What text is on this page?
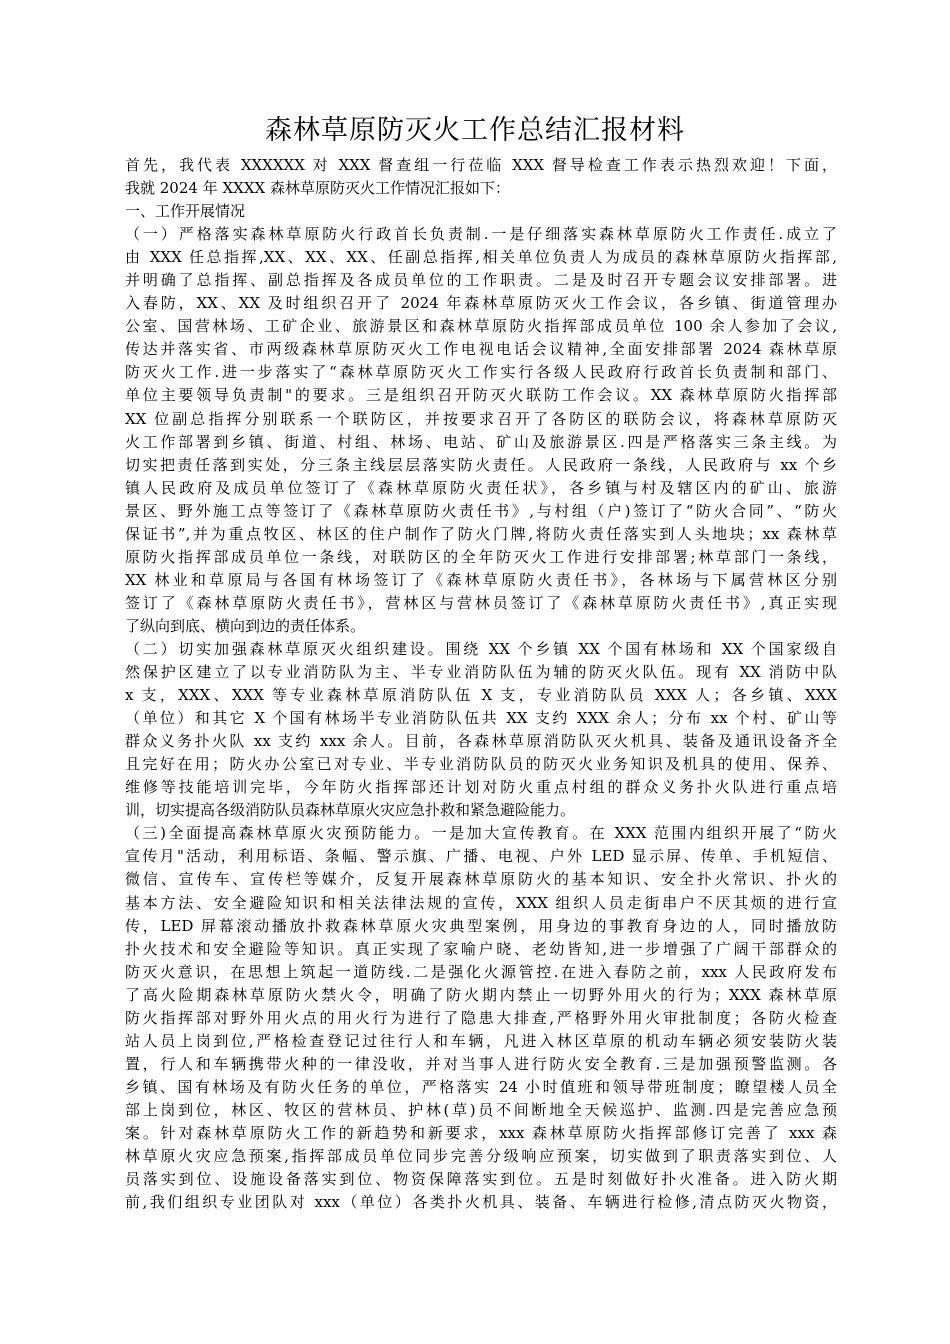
森林草原防灭火工作总结汇报材料
首先，我代表 XXXXXX 对 XXX 督查组一行莅临 XXX 督导检查工作表示热烈欢迎！下面，
我就 2024 年 XXXX 森林草原防灭火工作情况汇报如下：
一、工作开展情况
（一）严格落实森林草原防火行政首长负责制.一是仔细落实森林草原防火工作责任.成立了
由 XXX 任总指挥,XX、XX、XX、任副总指挥,相关单位负责人为成员的森林草原防火指挥部,
并明确了总指挥、副总指挥及各成员单位的工作职责。二是及时召开专题会议安排部署。进
入春防，XX、XX 及时组织召开了 2024 年森林草原防灭火工作会议，各乡镇、街道管理办
公室、国营林场、工矿企业、旅游景区和森林草原防火指挥部成员单位 100 余人参加了会议,
传达并落实省、市两级森林草原防灭火工作电视电话会议精神,全面安排部署 2024 森林草原
防灭火工作.进一步落实了“森林草原防灭火工作实行各级人民政府行政首长负责制和部门、
单位主要领导负责制"的要求。三是组织召开防灭火联防工作会议。XX 森林草原防火指挥部
XX 位副总指挥分别联系一个联防区，并按要求召开了各防区的联防会议，将森林草原防灭
火工作部署到乡镇、街道、村组、林场、电站、矿山及旅游景区.四是严格落实三条主线。为
切实把责任落到实处，分三条主线层层落实防火责任。人民政府一条线，人民政府与 xx 个乡
镇人民政府及成员单位签订了《森林草原防火责任状》，各乡镇与村及辖区内的矿山、旅游
景区、野外施工点等签订了《森林草原防火责任书》,与村组（户)签订了“防火合同”、“防火
保证书”,并为重点牧区、林区的住户制作了防火门牌,将防火责任落实到人头地块；xx 森林草
原防火指挥部成员单位一条线，对联防区的全年防灭火工作进行安排部署;林草部门一条线，
XX 林业和草原局与各国有林场签订了《森林草原防火责任书》，各林场与下属营林区分别
签订了《森林草原防火责任书》，营林区与营林员签订了《森林草原防火责任书》,真正实现
了纵向到底、横向到边的责任体系。
（二）切实加强森林草原灭火组织建设。围绕 XX 个乡镇 XX 个国有林场和 XX 个国家级自
然保护区建立了以专业消防队为主、半专业消防队伍为辅的防灭火队伍。现有 XX 消防中队
x 支，XXX、XXX 等专业森林草原消防队伍 X 支，专业消防队员 XXX 人；各乡镇、XXX
（单位）和其它 X 个国有林场半专业消防队伍共 XX 支约 XXX 余人；分布 xx 个村、矿山等
群众义务扑火队 xx 支约 xxx 余人。目前，各森林草原消防队灭火机具、装备及通讯设备齐全
且完好在用；防火办公室已对专业、半专业消防队员的防灭火业务知识及机具的使用、保养、
维修等技能培训完毕，今年防火指挥部还计划对防火重点村组的群众义务扑火队进行重点培
训，切实提高各级消防队员森林草原火灾应急扑救和紧急避险能力。
（三)全面提高森林草原火灾预防能力。一是加大宣传教育。在 XXX 范围内组织开展了“防火
宣传月"活动，利用标语、条幅、警示旗、广播、电视、户外 LED 显示屏、传单、手机短信、
微信、宣传车、宣传栏等媒介，反复开展森林草原防火的基本知识、安全扑火常识、扑火的
基本方法、安全避险知识和相关法律法规的宣传，XXX 组织人员走街串户不厌其烦的进行宣
传，LED 屏幕滚动播放扑救森林草原火灾典型案例，用身边的事教育身边的人，同时播放防
扑火技术和安全避险等知识。真正实现了家喻户晓、老幼皆知,进一步增强了广阔干部群众的
防灭火意识，在思想上筑起一道防线.二是强化火源管控.在进入春防之前，xxx 人民政府发布
了高火险期森林草原防火禁火令，明确了防火期内禁止一切野外用火的行为；XXX 森林草原
防火指挥部对野外用火点的用火行为进行了隐患大排查,严格野外用火审批制度；各防火检查
站人员上岗到位,严格检查登记过往行人和车辆，凡进入林区草原的机动车辆必须安装防火装
置，行人和车辆携带火种的一律没收，并对当事人进行防火安全教育.三是加强预警监测。各
乡镇、国有林场及有防火任务的单位，严格落实 24 小时值班和领导带班制度；瞭望楼人员全
部上岗到位，林区、牧区的营林员、护林(草)员不间断地全天候巡护、监测.四是完善应急预
案。针对森林草原防火工作的新趋势和新要求，xxx 森林草原防火指挥部修订完善了 xxx 森
林草原火灾应急预案,指挥部成员单位同步完善分级响应预案，切实做到了职责落实到位、人
员落实到位、设施设备落实到位、物资保障落实到位。五是时刻做好扑火准备。进入防火期
前,我们组织专业团队对 xxx（单位）各类扑火机具、装备、车辆进行检修,清点防灭火物资，
